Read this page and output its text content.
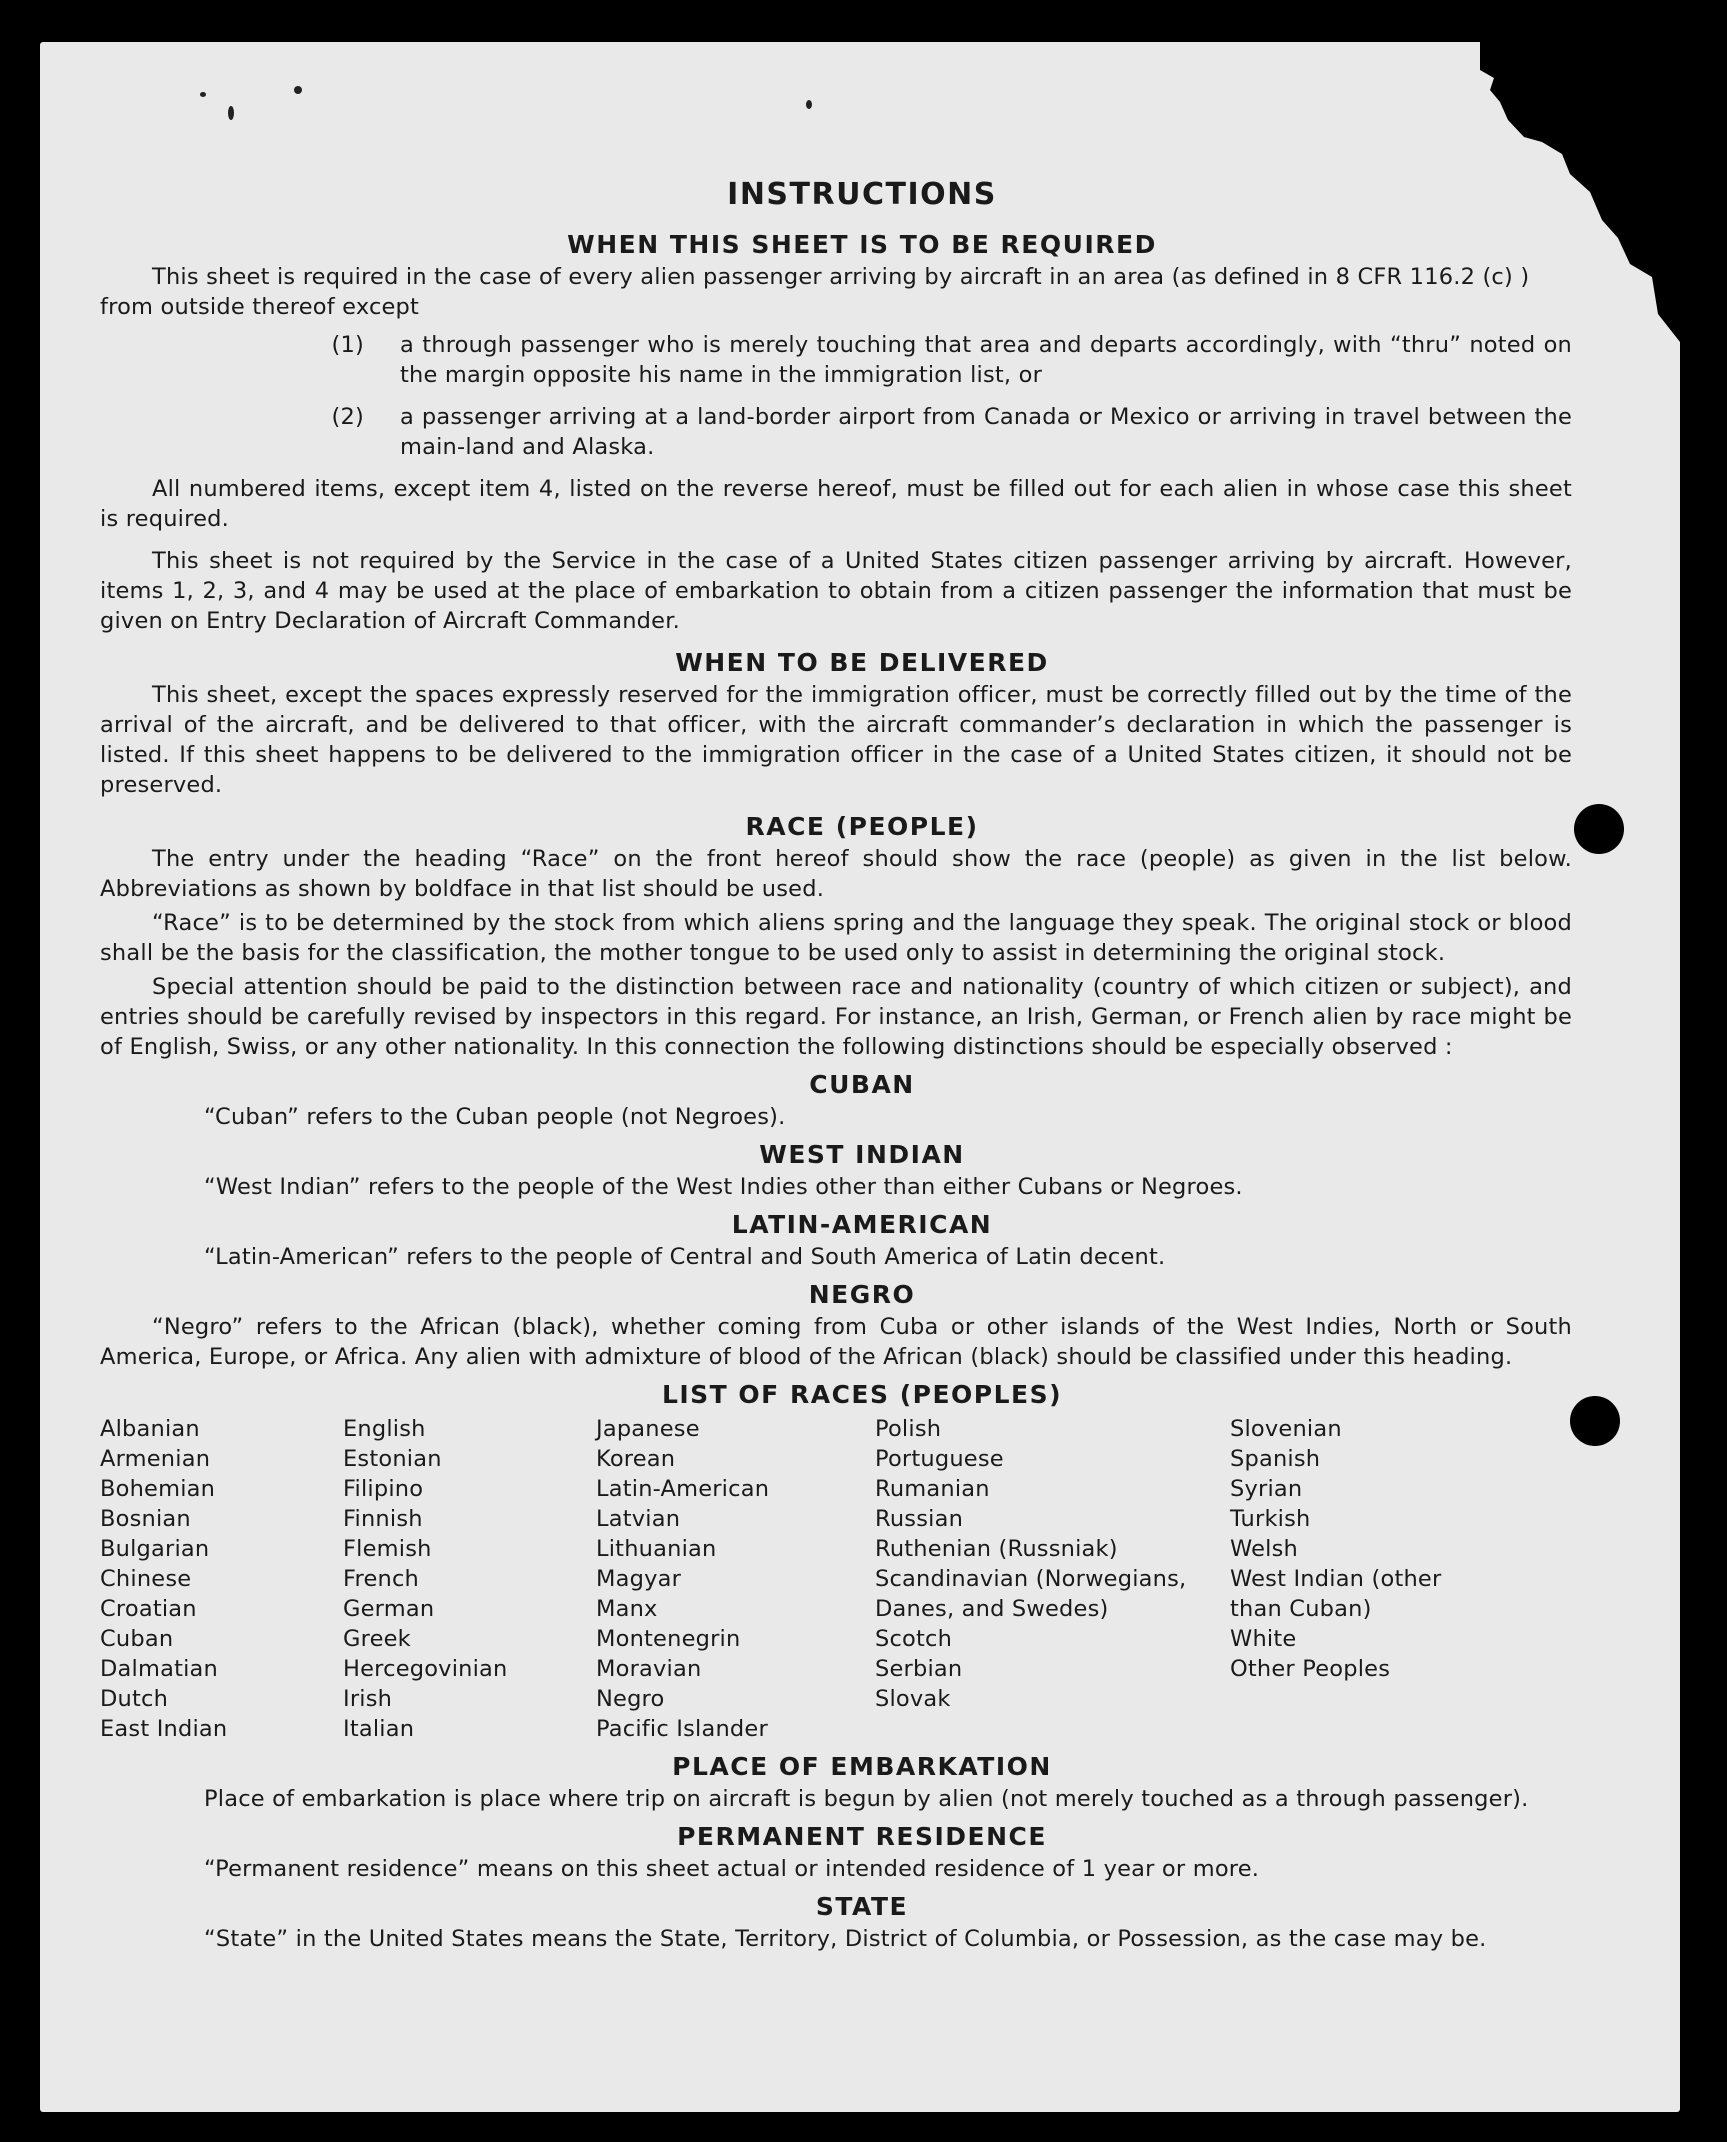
INSTRUCTIONS
WHEN THIS SHEET IS TO BE REQUIRED
This sheet is required in the case of every alien passenger arriving by aircraft in an area (as defined in 8 CFR 116.2 (c) ) from outside thereof except
(1)	a through passenger who is merely touching that area and departs accordingly, with “thru” noted on the margin opposite his name in the immigration list, or
(2)	a passenger arriving at a land-border airport from Canada or Mexico or arriving in travel between the main-land and Alaska.

All numbered items, except item 4, listed on the reverse hereof, must be filled out for each alien in whose case this sheet is required.

This sheet is not required by the Service in the case of a United States citizen passenger arriving by aircraft. However, items 1, 2, 3, and 4 may be used at the place of embarkation to obtain from a citizen passenger the information that must be given on Entry Declaration of Aircraft Commander.

WHEN TO BE DELIVERED

This sheet, except the spaces expressly reserved for the immigration officer, must be correctly filled out by the time of the arrival of the aircraft, and be delivered to that officer, with the aircraft commander’s declaration in which the passenger is listed. If this sheet happens to be delivered to the immigration officer in the case of a United States citizen, it should not be preserved.

RACE (PEOPLE)

The entry under the heading “Race” on the front hereof should show the race (people) as given in the list below. Abbreviations as shown by boldface in that list should be used.

“Race” is to be determined by the stock from which aliens spring and the language they speak. The original stock or blood shall be the basis for the classification, the mother tongue to be used only to assist in determining the original stock.

Special attention should be paid to the distinction between race and nationality (country of which citizen or subject), and entries should be carefully revised by inspectors in this regard. For instance, an Irish, German, or French alien by race might be of English, Swiss, or any other nationality. In this connection the following distinctions should be especially observed :

CUBAN
“Cuban” refers to the Cuban people (not Negroes).
WEST INDIAN
“West Indian” refers to the people of the West Indies other than either Cubans or Negroes.
LATIN-AMERICAN
“Latin-American” refers to the people of Central and South America of Latin decent.
NEGRO

“Negro” refers to the African (black), whether coming from Cuba or other islands of the West Indies, North or South America, Europe, or Africa. Any alien with admixture of blood of the African (black) should be classified under this heading.

LIST OF RACES (PEOPLES)
Albanian
Armenian
Bohemian
Bosnian
Bulgarian
Chinese
Croatian
Cuban
Dalmatian
Dutch
East Indian
English
Estonian
Filipino
Finnish
Flemish
French
German
Greek
Hercegovinian
Irish
Italian
Japanese
Korean
Latin-American
Latvian
Lithuanian
Magyar
Manx
Montenegrin
Moravian
Negro
Pacific Islander
Polish
Portuguese
Rumanian
Russian
Ruthenian (Russniak)
Scandinavian (Norwegians, Danes, and Swedes)
Scotch
Serbian
Slovak
Slovenian
Spanish
Syrian
Turkish
Welsh
West Indian (other than Cuban)
White
Other Peoples
PLACE OF EMBARKATION
Place of embarkation is place where trip on aircraft is begun by alien (not merely touched as a through passenger).
PERMANENT RESIDENCE
“Permanent residence” means on this sheet actual or intended residence of 1 year or more.
STATE
“State” in the United States means the State, Territory, District of Columbia, or Possession, as the case may be.
